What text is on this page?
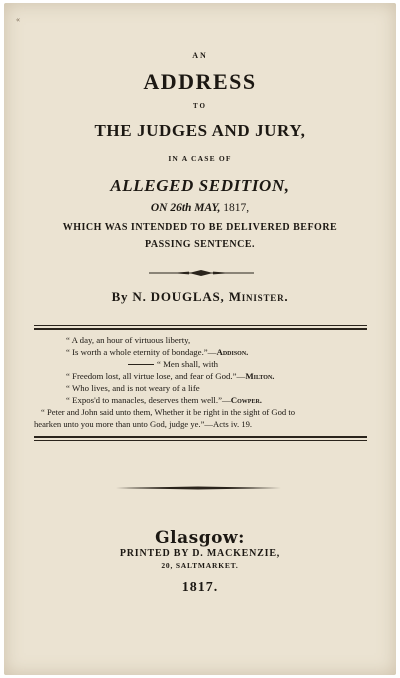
«
AN
ADDRESS
TO
THE JUDGES AND JURY,
IN A CASE OF
ALLEGED SEDITION,
ON 26th MAY, 1817,
WHICH WAS INTENDED TO BE DELIVERED BEFORE
PASSING SENTENCE.
By N. DOUGLAS, Minister.
“ A day, an hour of virtuous liberty,
“ Is worth a whole eternity of bondage.”—Addison.
“ Men shall, with
“ Freedom lost, all virtue lose, and fear of God.”—Milton.
“ Who lives, and is not weary of a life
“ Expos'd to manacles, deserves them well.”—Cowper.
“ Peter and John said unto them, Whether it be right in the sight of God to
hearken unto you more than unto God, judge ye.”—Acts iv. 19.
Glasgow:
PRINTED BY D. MACKENZIE,
20, SALTMARKET.
1817.
